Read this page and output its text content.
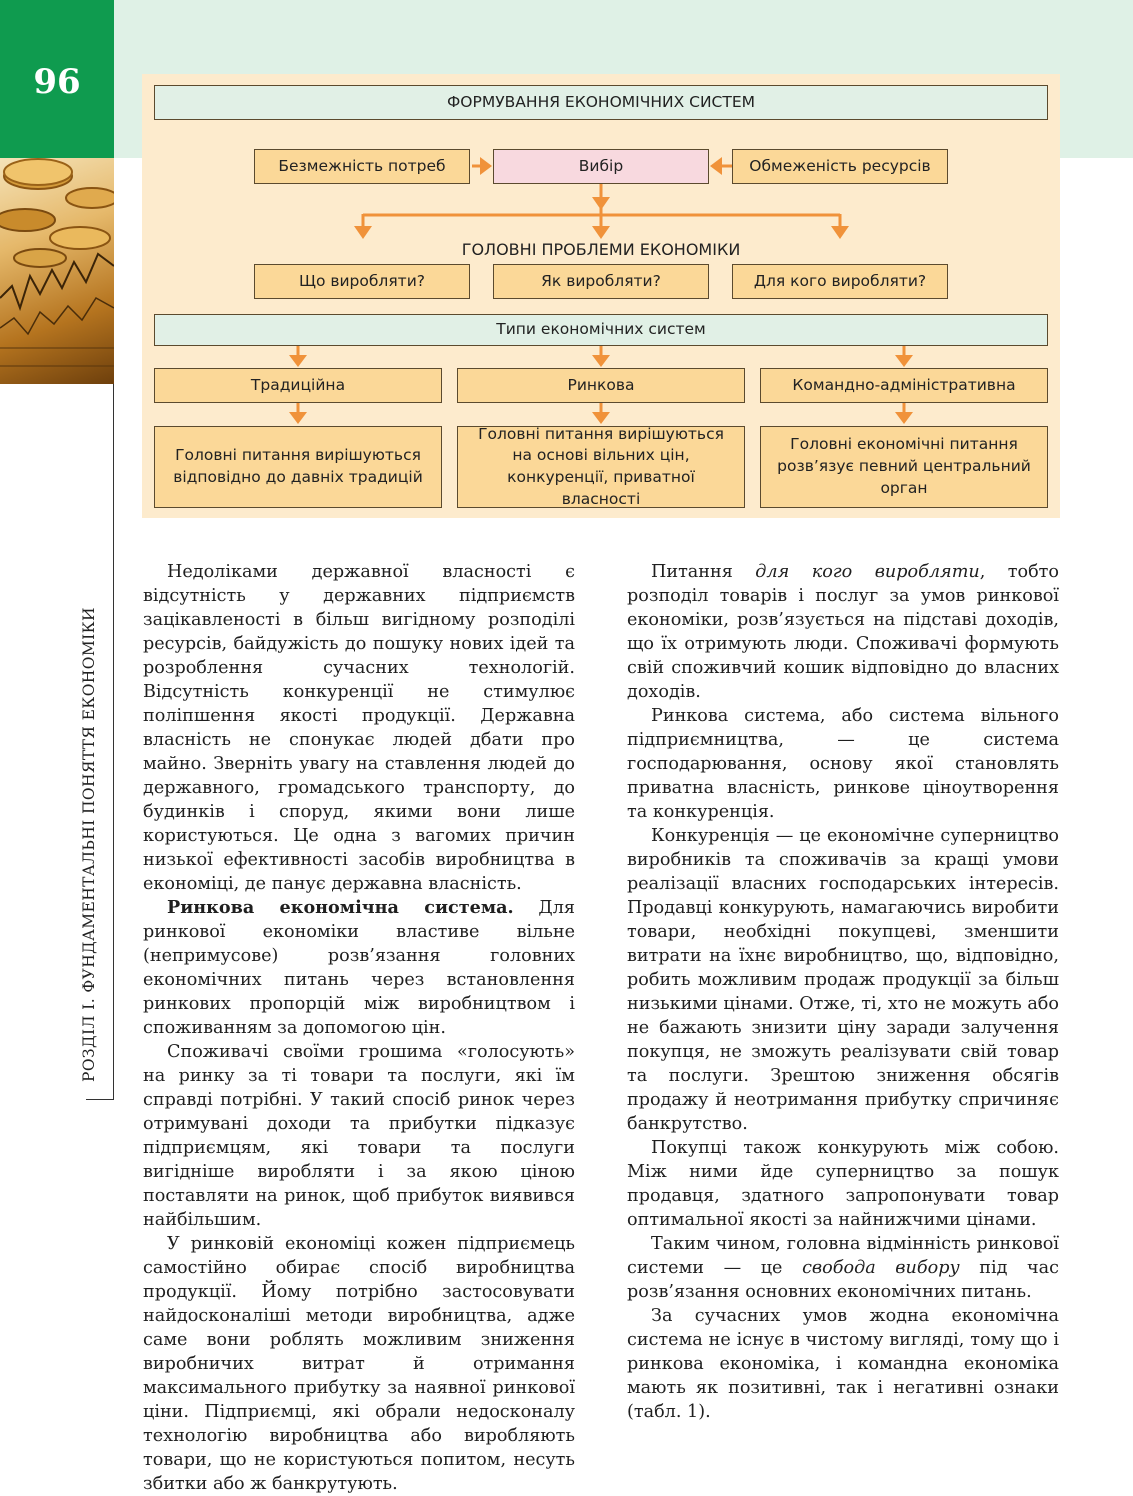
96
РОЗДІЛ І. ФУНДАМЕНТАЛЬНІ ПОНЯТТЯ ЕКОНОМІКИ
ФОРМУВАННЯ ЕКОНОМІЧНИХ СИСТЕМ
Безмежність потреб	Вибір	Обмеженість ресурсів
ГОЛОВНІ ПРОБЛЕМИ ЕКОНОМІКИ
Що виробляти?	Як виробляти?	Для кого виробляти?
Типи економічних систем
Традиційна	Ринкова	Командно-адміністративна
Головні питання вирішуються відповідно до давніх традицій
Головні питання вирішуються на основі вільних цін, конкуренції, приватної власності
Головні економічні питання розв’язує певний центральний орган

Недоліками державної власності є відсутність у державних підприємств зацікавленості в більш вигідному розподілі ресурсів, байдужість до пошуку нових ідей та розроблення сучасних технологій. Відсутність конкуренції не стимулює поліпшення якості продукції. Державна власність не спонукає людей дбати про майно. Зверніть увагу на ставлення людей до державного, громадського транспорту, до будинків і споруд, якими вони лише користуються. Це одна з вагомих причин низької ефективності засобів виробництва в економіці, де панує державна власність.

Ринкова економічна система. Для ринкової економіки властиве вільне (непримусове) розв’язання головних економічних питань через встановлення ринкових пропорцій між виробництвом і споживанням за допомогою цін.

Споживачі своїми грошима «голосують» на ринку за ті товари та послуги, які їм справді потрібні. У такий спосіб ринок через отримувані доходи та прибутки підказує підприємцям, які товари та послуги вигідніше виробляти і за якою ціною поставляти на ринок, щоб прибуток виявився найбільшим.

У ринковій економіці кожен підприємець самостійно обирає спосіб виробництва продукції. Йому потрібно застосовувати найдосконаліші методи виробництва, адже саме вони роблять можливим зниження виробничих витрат й отримання максимального прибутку за наявної ринкової ціни. Підприємці, які обрали недосконалу технологію виробництва або виробляють товари, що не користуються попитом, несуть збитки або ж банкрутують.

Питання для кого виробляти, тобто розподіл товарів і послуг за умов ринкової економіки, розв’язується на підставі доходів, що їх отримують люди. Споживачі формують свій споживчий кошик відповідно до власних доходів.

Ринкова система, або система вільного підприємництва, — це система господарювання, основу якої становлять приватна власність, ринкове ціноутворення та конкуренція.

Конкуренція — це економічне суперництво виробників та споживачів за кращі умови реалізації власних господарських інтересів. Продавці конкурують, намагаючись виробити товари, необхідні покупцеві, зменшити витрати на їхнє виробництво, що, відповідно, робить можливим продаж продукції за більш низькими цінами. Отже, ті, хто не можуть або не бажають знизити ціну заради залучення покупця, не зможуть реалізувати свій товар та послуги. Зрештою зниження обсягів продажу й неотримання прибутку спричиняє банкрутство.

Покупці також конкурують між собою. Між ними йде суперництво за пошук продавця, здатного запропонувати товар оптимальної якості за найнижчими цінами.

Таким чином, головна відмінність ринкової системи — це свобода вибору під час розв’язання основних економічних питань.

За сучасних умов жодна економічна система не існує в чистому вигляді, тому що і ринкова економіка, і командна економіка мають як позитивні, так і негативні ознаки (табл. 1).
